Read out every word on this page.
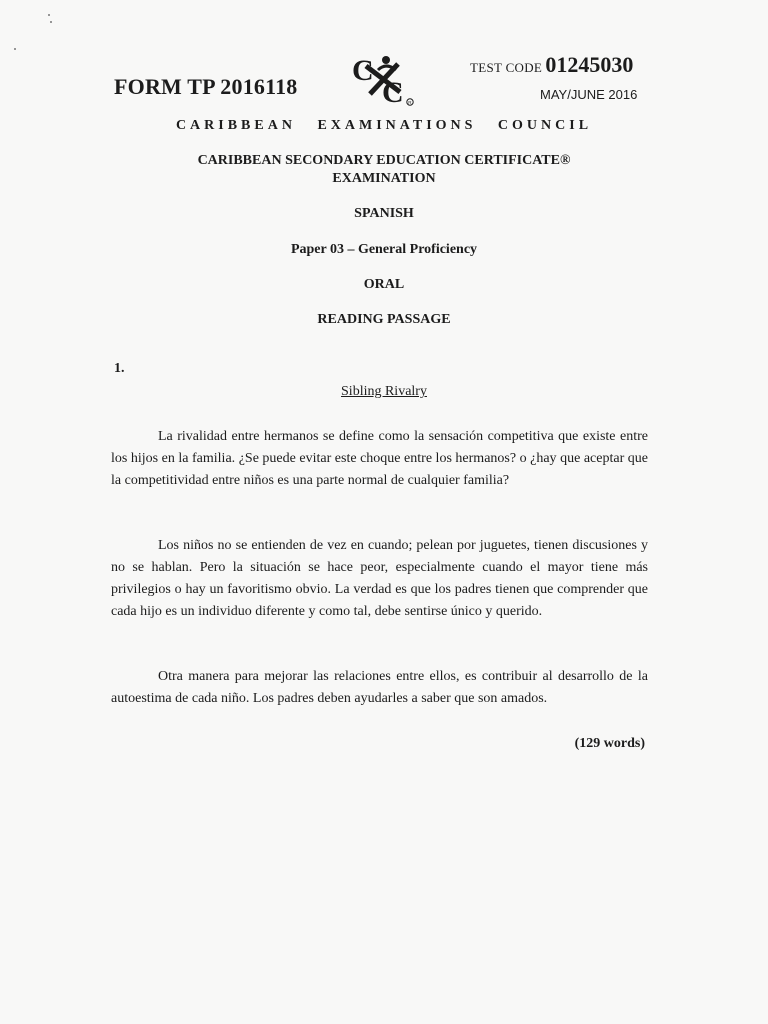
FORM TP 2016118 C
C R
TEST CODE 01245030
MAY/JUNE 2016
CARIBBEAN EXAMINATIONS COUNCIL
CARIBBEAN SECONDARY EDUCATION CERTIFICATE®
EXAMINATION
SPANISH
Paper 03 – General Proficiency
ORAL
READING PASSAGE
1.
Sibling Rivalry
La rivalidad entre hermanos se define como la sensación competitiva que existe entre los hijos en la familia. ¿Se puede evitar este choque entre los hermanos? o ¿hay que aceptar que la competitividad entre niños es una parte normal de cualquier familia?
Los niños no se entienden de vez en cuando; pelean por juguetes, tienen discusiones y no se hablan. Pero la situación se hace peor, especialmente cuando el mayor tiene más privilegios o hay un favoritismo obvio. La verdad es que los padres tienen que comprender que cada hijo es un individuo diferente y como tal, debe sentirse único y querido.
Otra manera para mejorar las relaciones entre ellos, es contribuir al desarrollo de la autoestima de cada niño. Los padres deben ayudarles a saber que son amados.
(129 words)
